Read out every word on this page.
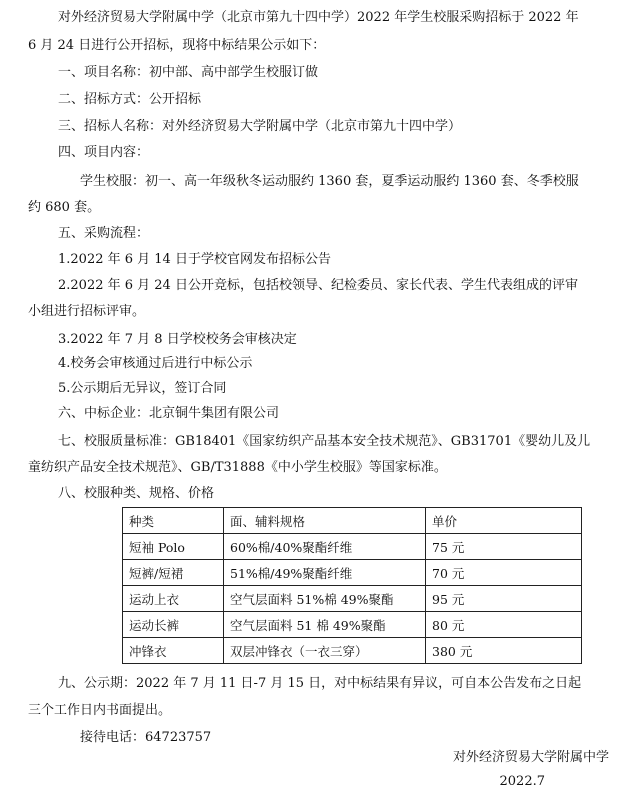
对外经济贸易大学附属中学（北京市第九十四中学）2022 年学生校服采购招标于 2022 年
6 月 24 日进行公开招标，现将中标结果公示如下：
一、项目名称：初中部、高中部学生校服订做
二、招标方式：公开招标
三、招标人名称：对外经济贸易大学附属中学（北京市第九十四中学）
四、项目内容：
学生校服：初一、高一年级秋冬运动服约 1360 套，夏季运动服约 1360 套、冬季校服
约 680 套。
五、采购流程：
1.2022 年 6 月 14 日于学校官网发布招标公告
2.2022 年 6 月 24 日公开竞标，包括校领导、纪检委员、家长代表、学生代表组成的评审
小组进行招标评审。
3.2022 年 7 月 8 日学校校务会审核决定
4.校务会审核通过后进行中标公示
5.公示期后无异议，签订合同
六、中标企业：北京铜牛集团有限公司
七、校服质量标准：GB18401《国家纺织产品基本安全技术规范》、GB31701《婴幼儿及儿
童纺织产品安全技术规范》、GB/T31888《中小学生校服》等国家标准。
八、校服种类、规格、价格
种类	面、辅料规格	单价
短袖 Polo	60%棉/40%聚酯纤维	75 元
短裤/短裙	51%棉/49%聚酯纤维	70 元
运动上衣	空气层面料 51%棉 49%聚酯	95 元
运动长裤	空气层面料 51 棉 49%聚酯	80 元
冲锋衣	双层冲锋衣（一衣三穿）	380 元
九、公示期：2022 年 7 月 11 日-7 月 15 日，对中标结果有异议，可自本公告发布之日起
三个工作日内书面提出。
接待电话：64723757
对外经济贸易大学附属中学
2022.7
